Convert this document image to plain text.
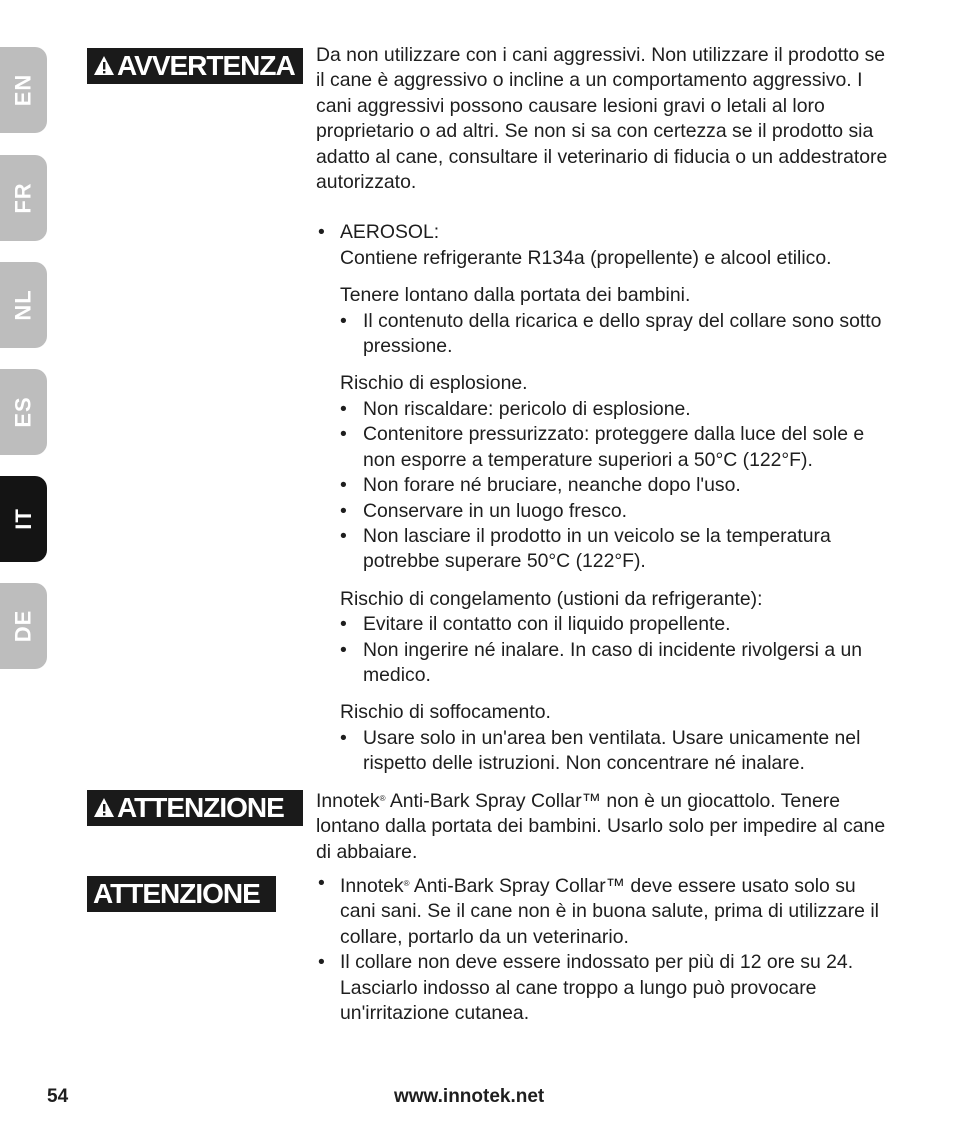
EN
FR
NL
ES
IT
DE
AVVERTENZA Da non utilizzare con i cani aggressivi. Non utilizzare il prodotto se il cane è aggressivo o incline a un comportamento aggressivo. I cani aggressivi possono causare lesioni gravi o letali al loro proprietario o ad altri. Se non si sa con certezza se il prodotto sia adatto al cane, consultare il veterinario di fiducia o un addestratore autorizzato.

• AEROSOL:

Contiene refrigerante R134a (propellente) e alcool etilico.

Tenere lontano dalla portata dei bambini.

• Il contenuto della ricarica e dello spray del collare sono sotto pressione.

Rischio di esplosione.

• Non riscaldare: pericolo di esplosione.

• Contenitore pressurizzato: proteggere dalla luce del sole e non esporre a temperature superiori a 50°C (122°F).

• Non forare né bruciare, neanche dopo l'uso.

• Conservare in un luogo fresco.

• Non lasciare il prodotto in un veicolo se la temperatura potrebbe superare 50°C (122°F).

Rischio di congelamento (ustioni da refrigerante):

• Evitare il contatto con il liquido propellente.

• Non ingerire né inalare. In caso di incidente rivolgersi a un medico.

Rischio di soffocamento.

• Usare solo in un'area ben ventilata. Usare unicamente nel rispetto delle istruzioni. Non concentrare né inalare.

ATTENZIONE Innotek® Anti-Bark Spray Collar™ non è un giocattolo. Tenere lontano dalla portata dei bambini. Usarlo solo per impedire al cane di abbaiare.

ATTENZIONE

•	Innotek® Anti-Bark Spray Collar™ deve essere usato solo su cani sani. Se il cane non è in buona salute, prima di utilizzare il collare, portarlo da un veterinario.

• Il collare non deve essere indossato per più di 12 ore su 24. Lasciarlo indosso al cane troppo a lungo può provocare un'irritazione cutanea.

54	www.innotek.net
